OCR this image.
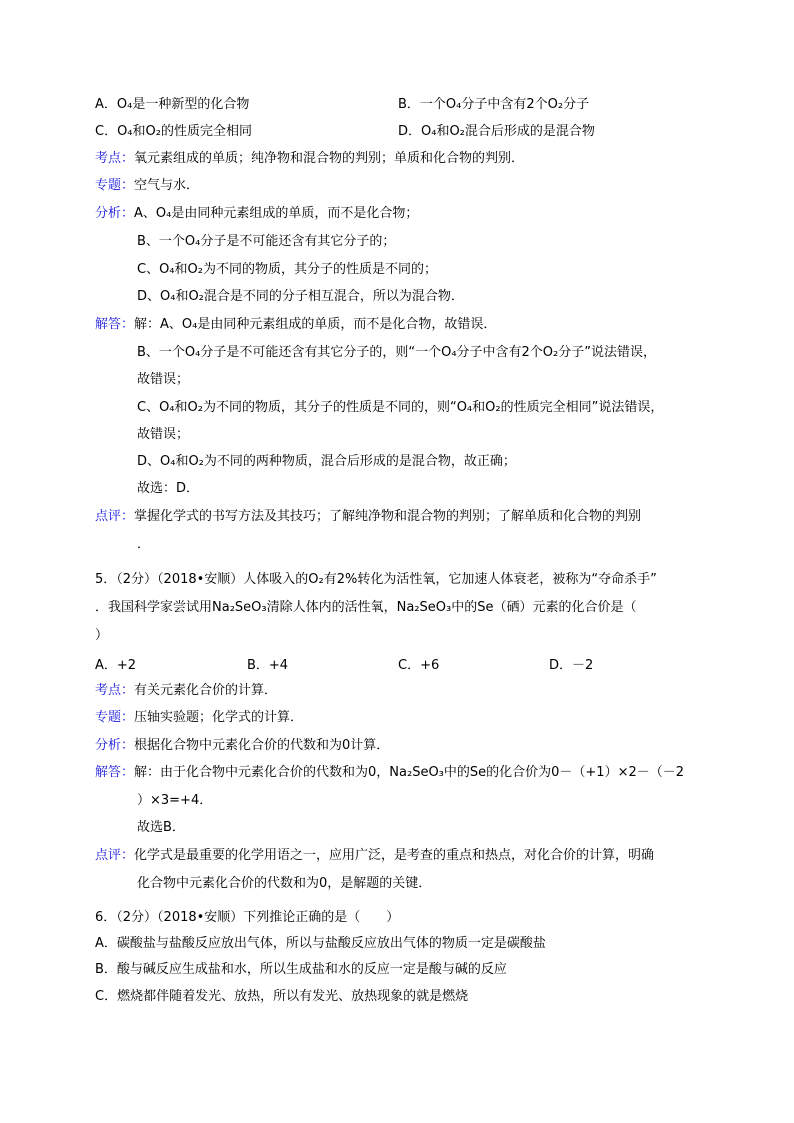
A．O₄是一种新型的化合物	B．一个O₄分子中含有2个O₂分子
C．O₄和O₂的性质完全相同	D．O₄和O₂混合后形成的是混合物
考点：氧元素组成的单质；纯净物和混合物的判别；单质和化合物的判别．
专题：空气与水．
分析：A、O₄是由同种元素组成的单质，而不是化合物；
B、一个O₄分子是不可能还含有其它分子的；
C、O₄和O₂为不同的物质，其分子的性质是不同的；
D、O₄和O₂混合是不同的分子相互混合，所以为混合物．
解答：解：A、O₄是由同种元素组成的单质，而不是化合物，故错误．
B、一个O₄分子是不可能还含有其它分子的，则“一个O₄分子中含有2个O₂分子”说法错误，
故错误；
C、O₄和O₂为不同的物质，其分子的性质是不同的，则“O₄和O₂的性质完全相同”说法错误，
故错误；
D、O₄和O₂为不同的两种物质，混合后形成的是混合物，故正确；
故选：D．
点评：掌握化学式的书写方法及其技巧；了解纯净物和混合物的判别；了解单质和化合物的判别
．
5．（2分）（2018•安顺）人体吸入的O₂有2%转化为活性氧，它加速人体衰老，被称为“夺命杀手”
．我国科学家尝试用Na₂SeO₃清除人体内的活性氧，Na₂SeO₃中的Se（硒）元素的化合价是（
）
A．+2	B．+4	C．+6	D．－2
考点：有关元素化合价的计算．
专题：压轴实验题；化学式的计算．
分析：根据化合物中元素化合价的代数和为0计算．
解答：解：由于化合物中元素化合价的代数和为0，Na₂SeO₃中的Se的化合价为0－（+1）×2－（－2
）×3=+4．
故选B．
点评：化学式是最重要的化学用语之一，应用广泛，是考查的重点和热点，对化合价的计算，明确
化合物中元素化合价的代数和为0，是解题的关键．
6．（2分）（2018•安顺）下列推论正确的是（　　）
A．碳酸盐与盐酸反应放出气体，所以与盐酸反应放出气体的物质一定是碳酸盐
B．酸与碱反应生成盐和水，所以生成盐和水的反应一定是酸与碱的反应
C．燃烧都伴随着发光、放热，所以有发光、放热现象的就是燃烧
